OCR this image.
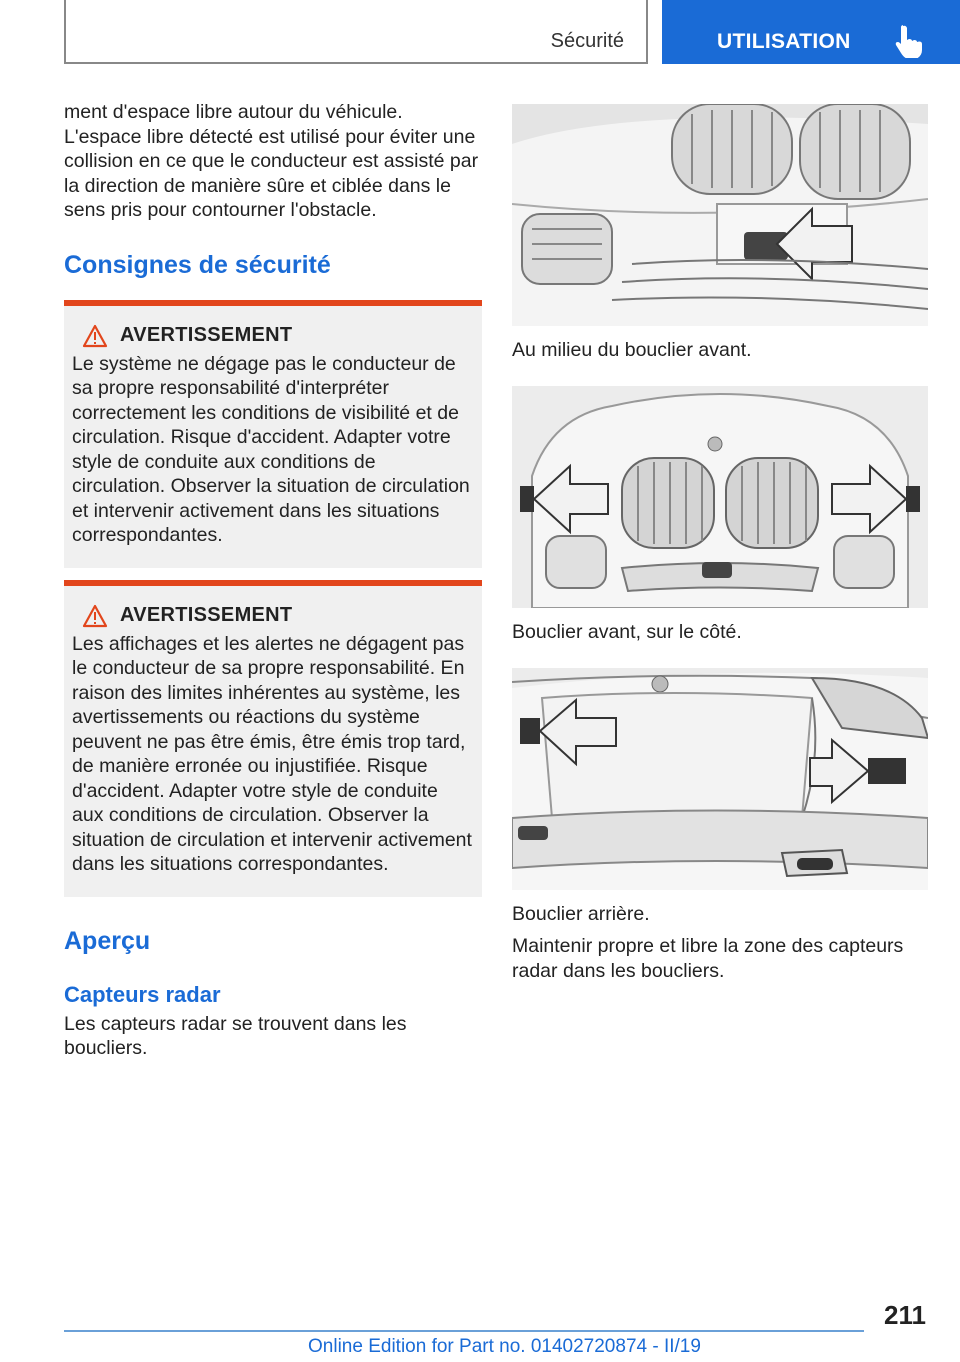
Sécurité	UTILISATION

ment d'espace libre autour du véhicule. L'espace libre détecté est utilisé pour éviter une collision en ce que le conducteur est assisté par la direction de manière sûre et ciblée dans le sens pris pour contourner l'obstacle.

Consignes de sécurité
AVERTISSEMENT

Le système ne dégage pas le conducteur de sa propre responsabilité d'interpréter correctement les conditions de visibilité et de circulation. Risque d'accident. Adapter votre style de conduite aux conditions de circulation. Observer la situation de circulation et intervenir activement dans les situations correspondantes.

AVERTISSEMENT

Les affichages et les alertes ne dégagent pas le conducteur de sa propre responsabilité. En raison des limites inhérentes au système, les avertissements ou réactions du système peuvent ne pas être émis, être émis trop tard, de manière erronée ou injustifiée. Risque d'accident. Adapter votre style de conduite aux conditions de circulation. Observer la situation de circulation et intervenir activement dans les situations correspondantes.

Aperçu
Capteurs radar

Les capteurs radar se trouvent dans les boucliers.

Au milieu du bouclier avant.

Bouclier avant, sur le côté.

Bouclier arrière.

Maintenir propre et libre la zone des capteurs radar dans les boucliers.

211
Online Edition for Part no. 01402720874 - II/19
